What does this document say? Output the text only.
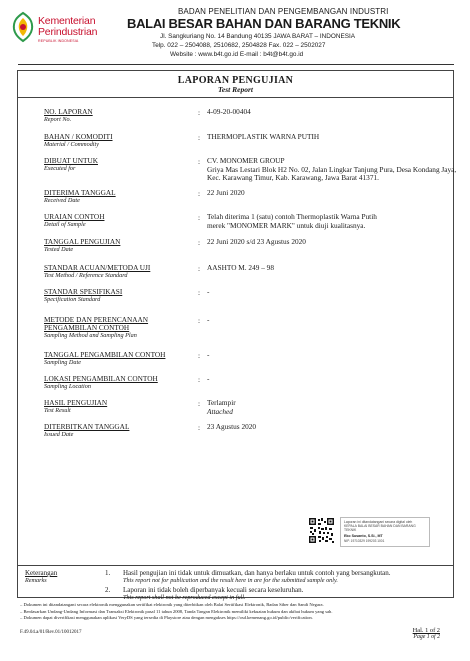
Kementerian
Perindustrian
REPUBLIK INDONESIA
BADAN PENELITIAN DAN PENGEMBANGAN INDUSTRI
BALAI BESAR BAHAN DAN BARANG TEKNIK
Jl. Sangkuriang No. 14 Bandung 40135 JAWA BARAT – INDONESIA
Telp. 022 – 2504088, 2510682, 2504828 Fax. 022 – 2502027
Website : www.b4t.go.id E-mail : b4t@b4t.go.id
LAPORAN PENGUJIAN
Test Report
NO. LAPORAN
Report No.
: 4-09-20-00404
BAHAN / KOMODITI
Material / Commodity
: THERMOPLASTIK WARNA PUTIH
DIBUAT UNTUK
Executed for
: CV. MONOMER GROUP
Griya Mas Lestari Blok H2 No. 02, Jalan Lingkar Tanjung Pura, Desa Kondang Jaya,
Kec. Karawang Timur, Kab. Karawang, Jawa Barat 41371.
DITERIMA TANGGAL
Received Date
: 22 Juni 2020
URAIAN CONTOH
Detail of Sample
: Telah diterima 1 (satu) contoh Thermoplastik Warna Putih
merek "MONOMER MARK" untuk diuji kualitasnya.
TANGGAL PENGUJIAN
Tested Date
: 22 Juni 2020 s/d 23 Agustus 2020
STANDAR ACUAN/METODA UJI
Test Method / Reference Standard
: AASHTO M. 249 – 98
STANDAR SPESIFIKASI
Specification Standard
: -
METODE DAN PERENCANAAN
PENGAMBILAN CONTOH
Sampling Method and Sampling Plan
: -
TANGGAL PENGAMBILAN CONTOH
Sampling Date
: -
LOKASI PENGAMBILAN CONTOH
Sampling Location
: -
HASIL PENGUJIAN
Test Result
: Terlampir
Attached
DITERBITKAN TANGGAL
Issued Date
: 23 Agustus 2020
Laporan ini ditandatangani secara digital oleh
KEPALA BALAI BESAR BAHAN DAN BARANG TEKNIK
Eko Susanto, S.Si., MT
NIP. 19710329 199203 1001
Keterangan
Remarks
1. Hasil pengujian ini tidak untuk dimuatkan, dan hanya berlaku untuk contoh yang bersangkutan.
This report not for publication and the result here in are for the submitted sample only.
2. Laporan ini tidak boleh diperbanyak kecuali secara keseluruhan.
This report shall not be reproduced except in full.
– Dokumen ini ditandatangani secara elektronik menggunakan sertifikat elektronik yang diterbitkan oleh Balai Sertifikasi Elektronik, Badan Siber dan Sandi Negara.
– Berdasarkan Undang-Undang Informasi dan Transaksi Elektronik pasal 11 tahun 2008, Tanda Tangan Elektronik memiliki kekuatan hukum dan akibat hukum yang sah.
– Dokumen dapat diverifikasi menggunakan aplikasi VeryDS yang tersedia di Playstore atau dengan mengakses https://osd.kemenang.go.id/public/verification.
F.49.04.a/01/Rev.01/10012017	Hal. 1 of 2
Page 1 of 2
